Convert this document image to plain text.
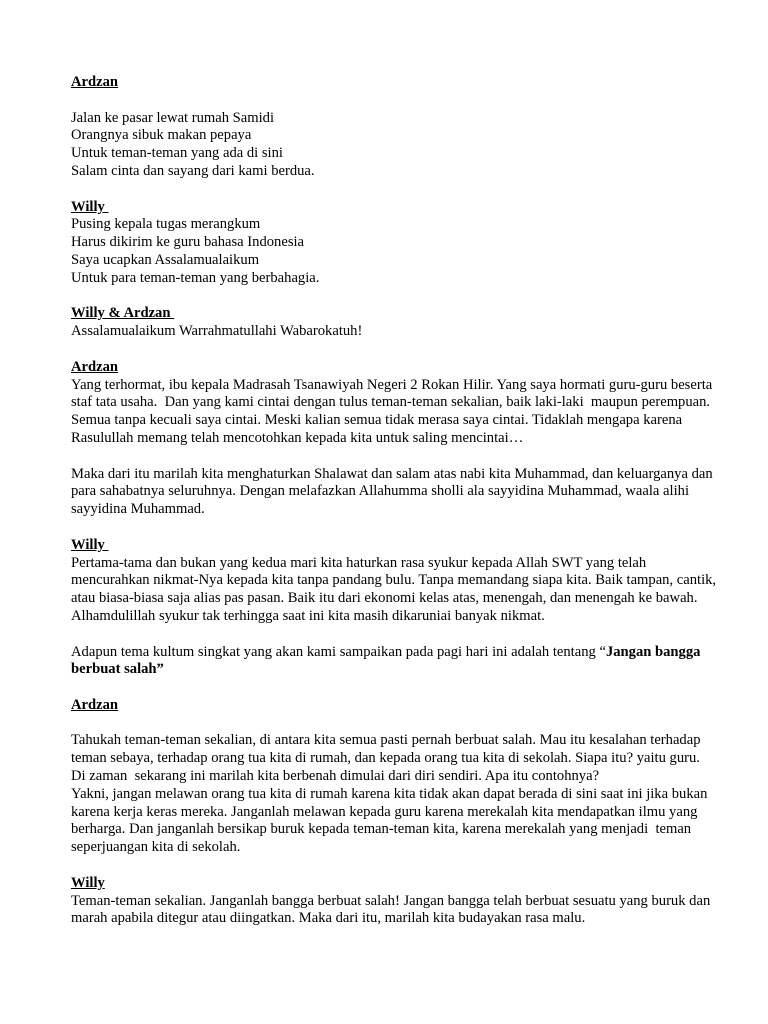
Ardzan

Jalan ke pasar lewat rumah Samidi

Orangnya sibuk makan pepaya

Untuk teman-teman yang ada di sini

Salam cinta dan sayang dari kami berdua.

Willy

Pusing kepala tugas merangkum

Harus dikirim ke guru bahasa Indonesia

Saya ucapkan Assalamualaikum

Untuk para teman-teman yang berbahagia.

Willy & Ardzan

Assalamualaikum Warrahmatullahi Wabarokatuh!

Ardzan

Yang terhormat, ibu kepala Madrasah Tsanawiyah Negeri 2 Rokan Hilir. Yang saya hormati guru-guru beserta staf tata usaha.  Dan yang kami cintai dengan tulus teman-teman sekalian, baik laki-laki  maupun perempuan. Semua tanpa kecuali saya cintai. Meski kalian semua tidak merasa saya cintai. Tidaklah mengapa karena Rasulullah memang telah mencotohkan kepada kita untuk saling mencintai…

Maka dari itu marilah kita menghaturkan Shalawat dan salam atas nabi kita Muhammad, dan keluarganya dan para sahabatnya seluruhnya. Dengan melafazkan Allahumma sholli ala sayyidina Muhammad, waala alihi sayyidina Muhammad.

Willy

Pertama-tama dan bukan yang kedua mari kita haturkan rasa syukur kepada Allah SWT yang telah mencurahkan nikmat-Nya kepada kita tanpa pandang bulu. Tanpa memandang siapa kita. Baik tampan, cantik, atau biasa-biasa saja alias pas pasan. Baik itu dari ekonomi kelas atas, menengah, dan menengah ke bawah.  Alhamdulillah syukur tak terhingga saat ini kita masih dikaruniai banyak nikmat.

Adapun tema kultum singkat yang akan kami sampaikan pada pagi hari ini adalah tentang “Jangan bangga berbuat salah”

Ardzan

Tahukah teman-teman sekalian, di antara kita semua pasti pernah berbuat salah. Mau itu kesalahan terhadap teman sebaya, terhadap orang tua kita di rumah, dan kepada orang tua kita di sekolah. Siapa itu? yaitu guru.

Di zaman  sekarang ini marilah kita berbenah dimulai dari diri sendiri. Apa itu contohnya?

Yakni, jangan melawan orang tua kita di rumah karena kita tidak akan dapat berada di sini saat ini jika bukan karena kerja keras mereka. Janganlah melawan kepada guru karena merekalah kita mendapatkan ilmu yang berharga. Dan janganlah bersikap buruk kepada teman-teman kita, karena merekalah yang menjadi  teman seperjuangan kita di sekolah.

Willy

Teman-teman sekalian. Janganlah bangga berbuat salah! Jangan bangga telah berbuat sesuatu yang buruk dan marah apabila ditegur atau diingatkan. Maka dari itu, marilah kita budayakan rasa malu.
